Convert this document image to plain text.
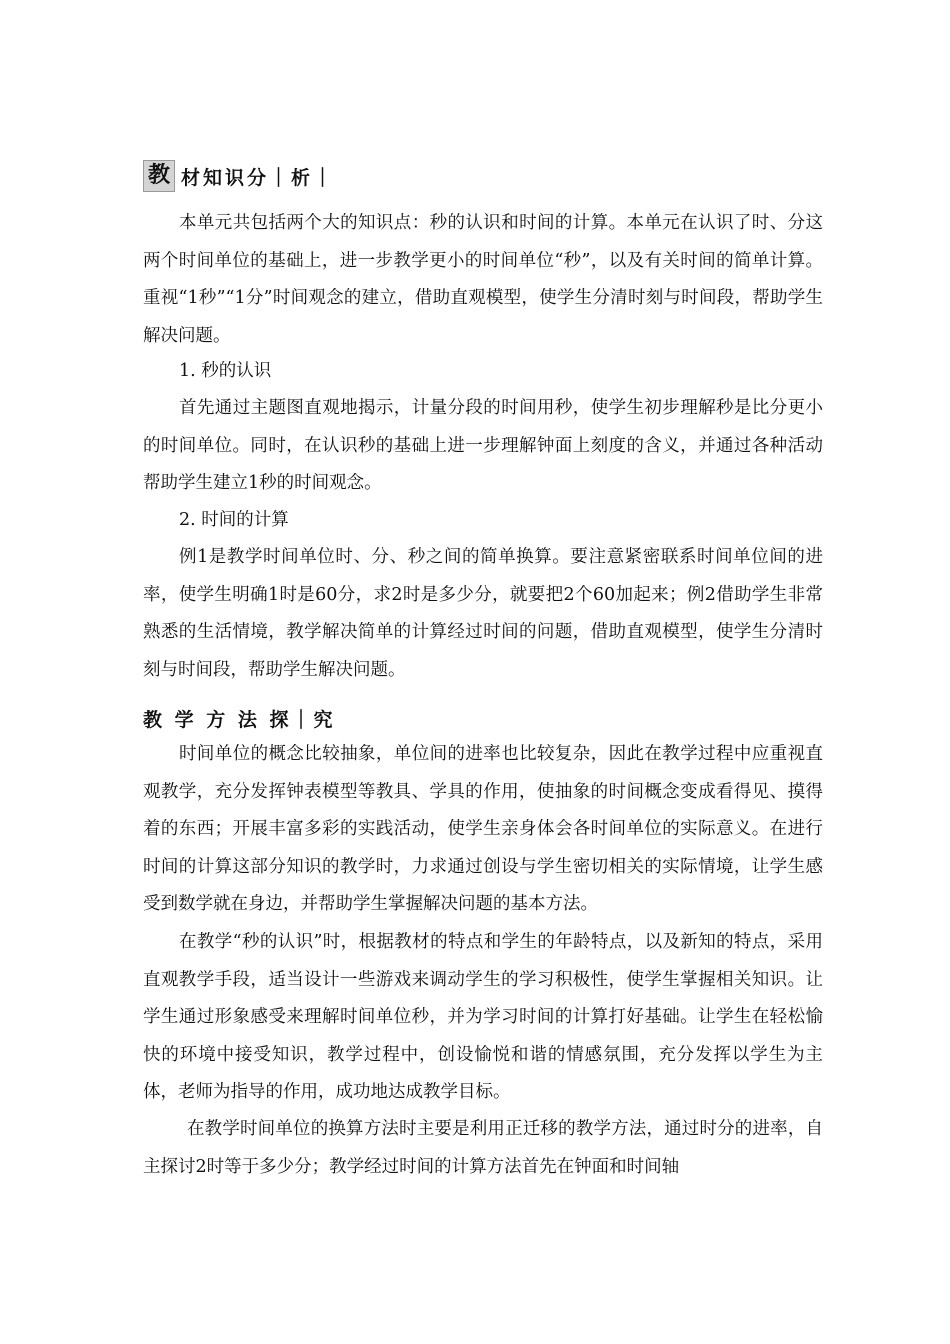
教 材知识分｜析｜

本单元共包括两个大的知识点：秒的认识和时间的计算。本单元在认识了时、分这两个时间单位的基础上，进一步教学更小的时间单位“秒”，以及有关时间的简单计算。重视“1秒”“1分”时间观念的建立，借助直观模型，使学生分清时刻与时间段，帮助学生解决问题。

1. 秒的认识

首先通过主题图直观地揭示，计量分段的时间用秒，使学生初步理解秒是比分更小的时间单位。同时，在认识秒的基础上进一步理解钟面上刻度的含义，并通过各种活动帮助学生建立1秒的时间观念。

2. 时间的计算

例1是教学时间单位时、分、秒之间的简单换算。要注意紧密联系时间单位间的进率，使学生明确1时是60分，求2时是多少分，就要把2个60加起来；例2借助学生非常熟悉的生活情境，教学解决简单的计算经过时间的问题，借助直观模型，使学生分清时刻与时间段，帮助学生解决问题。

教 学 方 法 探｜究

时间单位的概念比较抽象，单位间的进率也比较复杂，因此在教学过程中应重视直观教学，充分发挥钟表模型等教具、学具的作用，使抽象的时间概念变成看得见、摸得着的东西；开展丰富多彩的实践活动，使学生亲身体会各时间单位的实际意义。在进行时间的计算这部分知识的教学时，力求通过创设与学生密切相关的实际情境，让学生感受到数学就在身边，并帮助学生掌握解决问题的基本方法。

在教学“秒的认识”时，根据教材的特点和学生的年龄特点，以及新知的特点，采用直观教学手段，适当设计一些游戏来调动学生的学习积极性，使学生掌握相关知识。让学生通过形象感受来理解时间单位秒，并为学习时间的计算打好基础。让学生在轻松愉快的环境中接受知识，教学过程中，创设愉悦和谐的情感氛围，充分发挥以学生为主体，老师为指导的作用，成功地达成教学目标。

在教学时间单位的换算方法时主要是利用正迁移的教学方法，通过时分的进率，自主探讨2时等于多少分；教学经过时间的计算方法首先在钟面和时间轴
